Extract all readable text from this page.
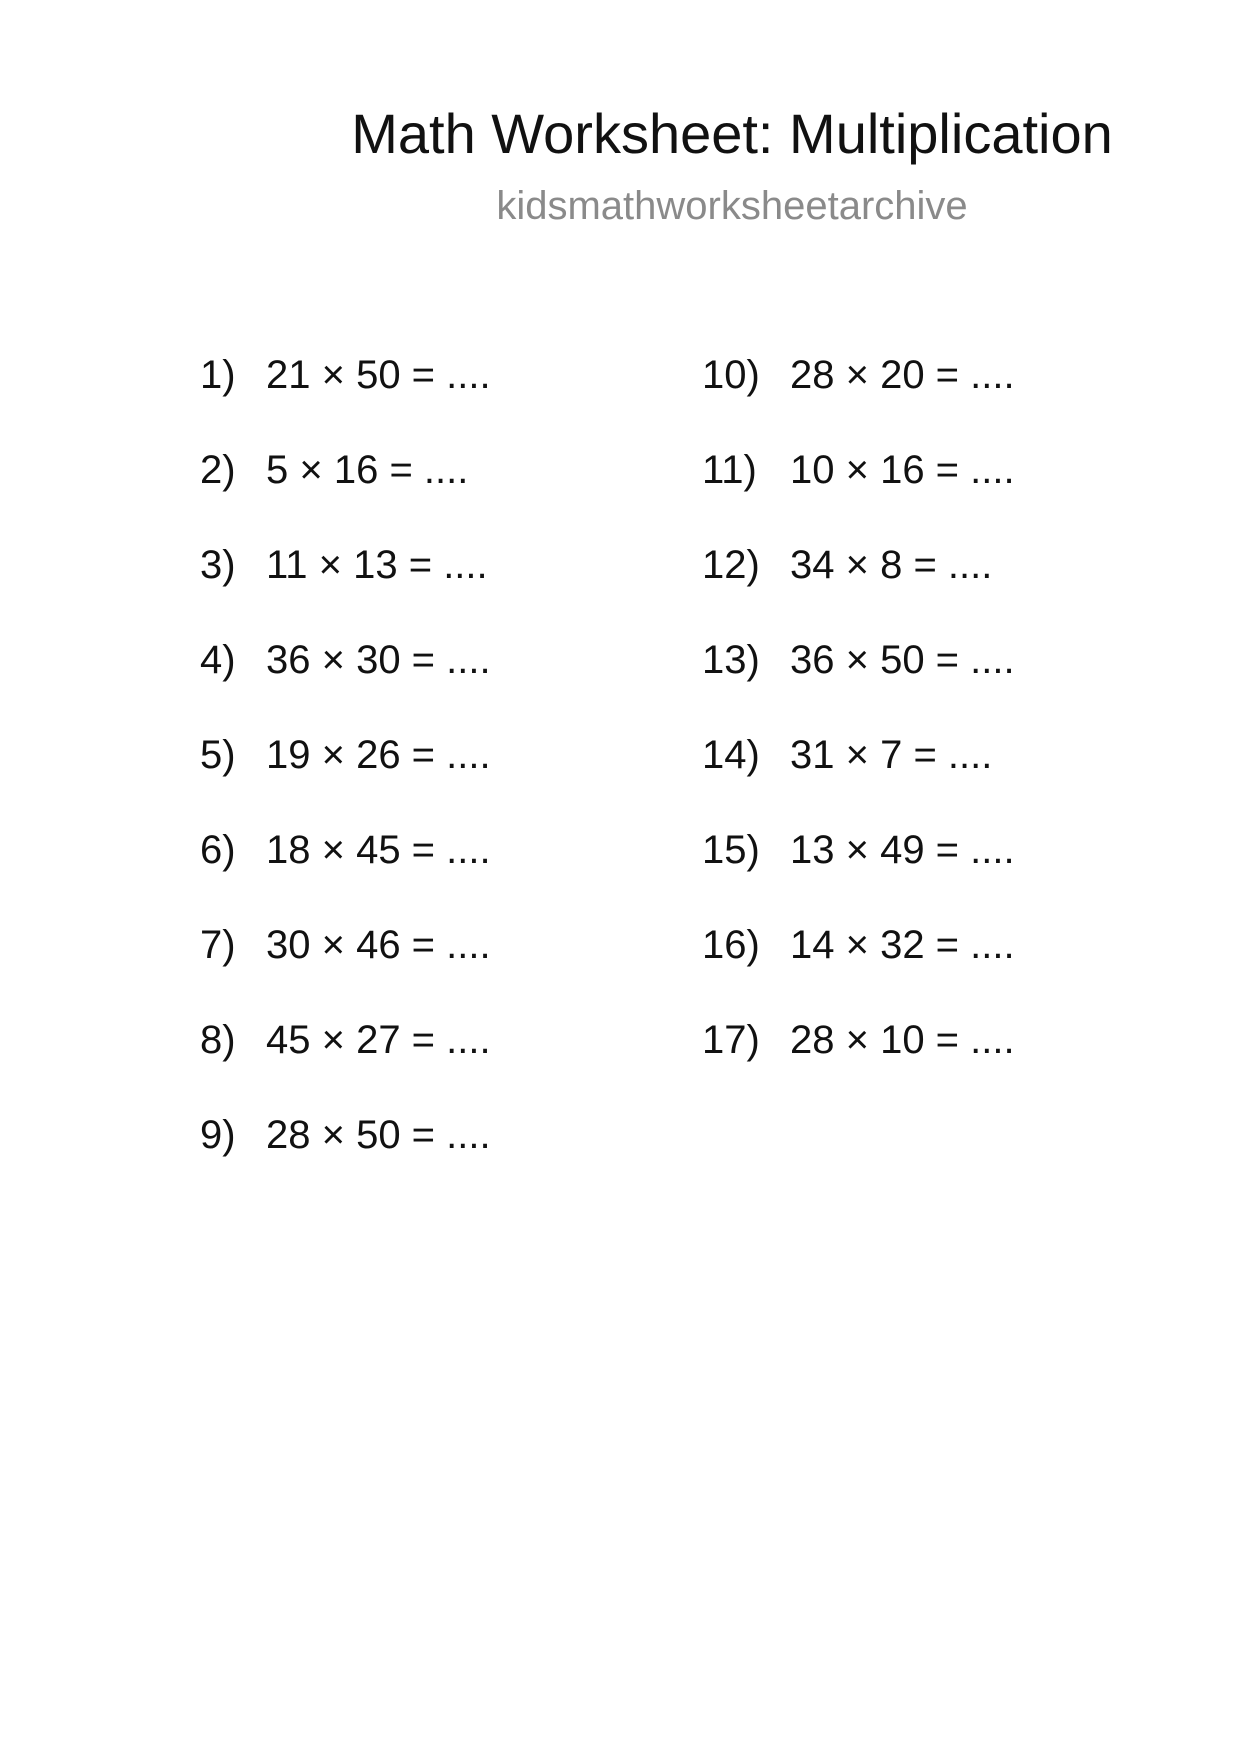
Math Worksheet: Multiplication
kidsmathworksheetarchive
1) 21 × 50 = ....
2) 5 × 16 = ....
3) 11 × 13 = ....
4) 36 × 30 = ....
5) 19 × 26 = ....
6) 18 × 45 = ....
7) 30 × 46 = ....
8) 45 × 27 = ....
9) 28 × 50 = ....
10) 28 × 20 = ....
11) 10 × 16 = ....
12) 34 × 8 = ....
13) 36 × 50 = ....
14) 31 × 7 = ....
15) 13 × 49 = ....
16) 14 × 32 = ....
17) 28 × 10 = ....
